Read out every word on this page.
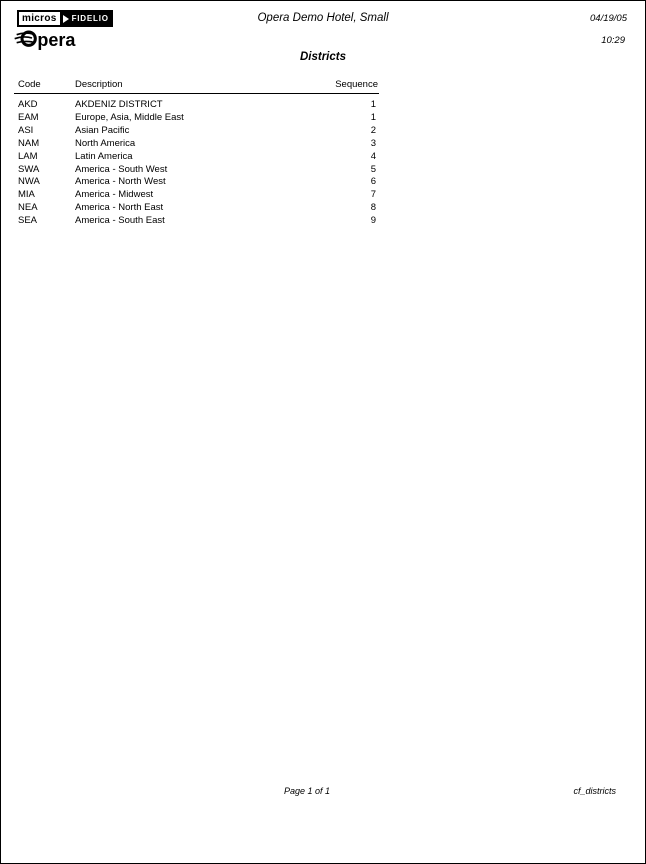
micros	FIDELIO
pera
Opera Demo Hotel, Small	04/19/05
10:29
Districts
Code	Description	Sequence
AKD	AKDENIZ DISTRICT	1
EAM	Europe, Asia, Middle East	1
ASI	Asian Pacific	2
NAM	North America	3
LAM	Latin America	4
SWA	America - South West	5
NWA	America - North West	6
MIA	America - Midwest	7
NEA	America - North East	8
SEA	America - South East	9
Page 1 of 1	cf_districts
